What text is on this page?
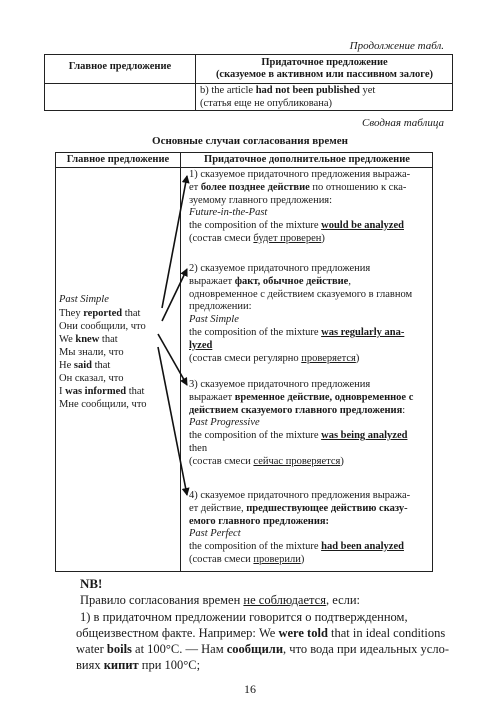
Продолжение табл.
Главное предложение	Придаточное предложение
(сказуемое в активном или пассивном залоге)
b) the article had not been published yet
(статья еще не опубликована)
Сводная таблица
Основные случаи согласования времен
Главное предложение	Придаточное дополнительное предложение
Past Simple
They reported that
Они сообщили, что
We knew that
Мы знали, что
He said that
Он сказал, что
I was informed that
Мне сообщили, что
1) сказуемое придаточного предложения выража-
ет более позднее действие по отношению к ска-
зуемому главного предложения:
Future-in-the-Past
the composition of the mixture would be analyzed
(состав смеси будет проверен)
2) сказуемое придаточного предложения
выражает факт, обычное действие,
одновременное с действием сказуемого в главном
предложении:
Past Simple
the composition of the mixture was regularly ana-
lyzed
(состав смеси регулярно проверяется)
3) сказуемое придаточного предложения
выражает временное действие, одновременное с
действием сказуемого главного предложения:
Past Progressive
the composition of the mixture was being analyzed
then
(состав смеси сейчас проверяется)
4) сказуемое придаточного предложения выража-
ет действие, предшествующее действию сказу-
емого главного предложения:
Past Perfect
the composition of the mixture had been analyzed
(состав смеси проверили)
NB!
Правило согласования времен не соблюдается, если:
1) в придаточном предложении говорится о подтвержденном,
общеизвестном факте. Например: We were told that in ideal conditions
water boils at 100°C. — Нам сообщили, что вода при идеальных усло-
виях кипит при 100°C;
16
